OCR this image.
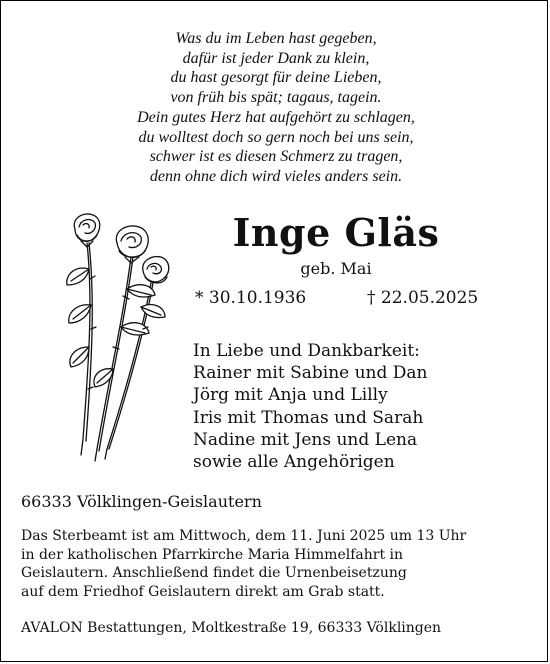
Was du im Leben hast gegeben,
dafür ist jeder Dank zu klein,
du hast gesorgt für deine Lieben,
von früh bis spät; tagaus, tagein.
Dein gutes Herz hat aufgehört zu schlagen,
du wolltest doch so gern noch bei uns sein,
schwer ist es diesen Schmerz zu tragen,
denn ohne dich wird vieles anders sein.
Inge Gläs
geb. Mai
* 30.10.1936	† 22.05.2025
In Liebe und Dankbarkeit:
Rainer mit Sabine und Dan
Jörg mit Anja und Lilly
Iris mit Thomas und Sarah
Nadine mit Jens und Lena
sowie alle Angehörigen
66333 Völklingen-Geislautern
Das Sterbeamt ist am Mittwoch, dem 11. Juni 2025 um 13 Uhr
in der katholischen Pfarrkirche Maria Himmelfahrt in
Geislautern. Anschließend findet die Urnenbeisetzung
auf dem Friedhof Geislautern direkt am Grab statt.
AVALON Bestattungen, Moltkestraße 19, 66333 Völklingen
